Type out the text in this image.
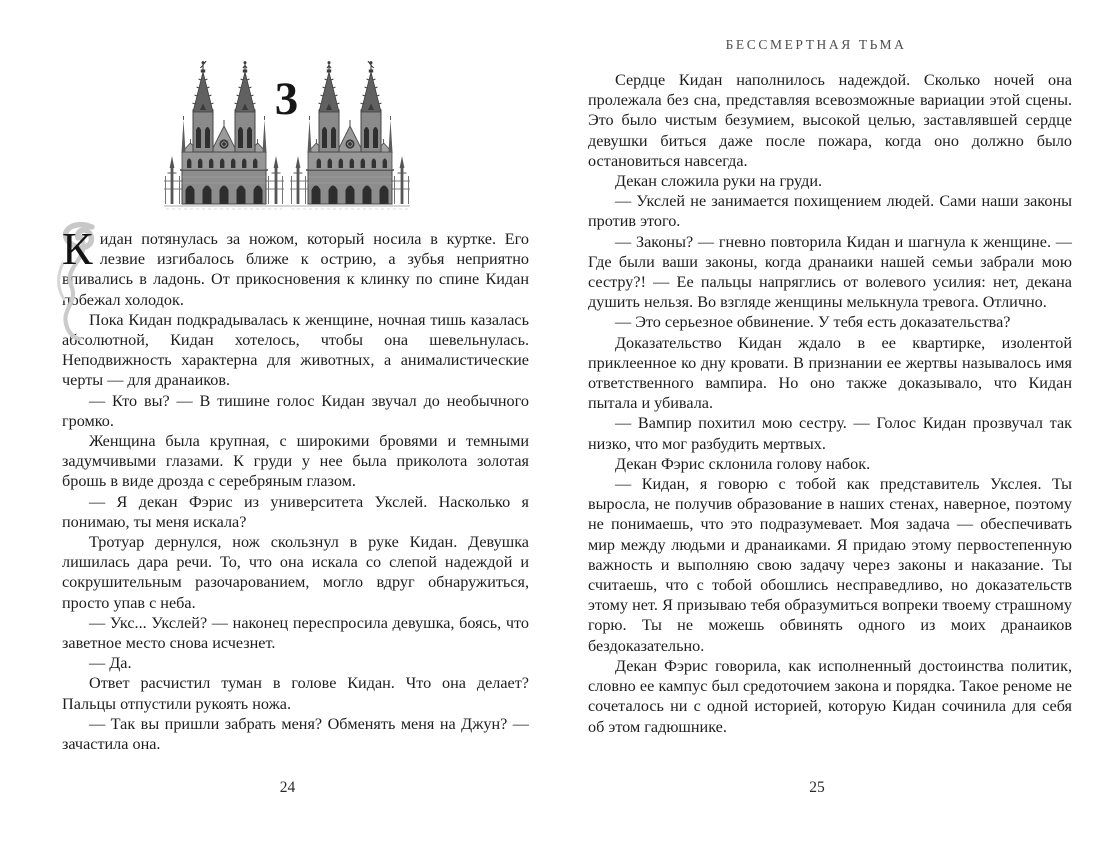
3

Кидан потянулась за ножом, который носила в куртке. Его лезвие изгибалось ближе к острию, а зубья неприятно впивались в ладонь. От прикосновения к клинку по спине Кидан побежал холодок.

Пока Кидан подкрадывалась к женщине, ночная тишь казалась абсолютной, Кидан хотелось, чтобы она шевельнулась. Неподвижность характерна для животных, а анималистические черты — для дранаиков.

— Кто вы? — В тишине голос Кидан звучал до необычного громко.

Женщина была крупная, с широкими бровями и темными задумчивыми глазами. К груди у нее была приколота золотая брошь в виде дрозда с серебряным глазом.

— Я декан Фэрис из университета Укслей. Насколько я понимаю, ты меня искала?

Тротуар дернулся, нож скользнул в руке Кидан. Девушка лишилась дара речи. То, что она искала со слепой надеждой и сокрушительным разочарованием, могло вдруг обнаружиться, просто упав с неба.

— Укс... Укслей? — наконец переспросила девушка, боясь, что заветное место снова исчезнет.

— Да.

Ответ расчистил туман в голове Кидан. Что она делает? Пальцы отпустили рукоять ножа.

— Так вы пришли забрать меня? Обменять меня на Джун? — зачастила она.

24
БЕССМЕРТНАЯ ТЬМА

Сердце Кидан наполнилось надеждой. Сколько ночей она пролежала без сна, представляя всевозможные вариации этой сцены. Это было чистым безумием, высокой целью, заставлявшей сердце девушки биться даже после пожара, когда оно должно было остановиться навсегда.

Декан сложила руки на груди.

— Укслей не занимается похищением людей. Сами наши законы против этого.

— Законы? — гневно повторила Кидан и шагнула к женщине. — Где были ваши законы, когда дранаики нашей семьи забрали мою сестру?! — Ее пальцы напряглись от волевого усилия: нет, декана душить нельзя. Во взгляде женщины мелькнула тревога. Отлично.

— Это серьезное обвинение. У тебя есть доказательства?

Доказательство Кидан ждало в ее квартирке, изолентой приклеенное ко дну кровати. В признании ее жертвы называлось имя ответственного вампира. Но оно также доказывало, что Кидан пытала и убивала.

— Вампир похитил мою сестру. — Голос Кидан прозвучал так низко, что мог разбудить мертвых.

Декан Фэрис склонила голову набок.

— Кидан, я говорю с тобой как представитель Укслея. Ты выросла, не получив образование в наших стенах, наверное, поэтому не понимаешь, что это подразумевает. Моя задача — обеспечивать мир между людьми и дранаиками. Я придаю этому первостепенную важность и выполняю свою задачу через законы и наказание. Ты считаешь, что с тобой обошлись несправедливо, но доказательств этому нет. Я призываю тебя образумиться вопреки твоему страшному горю. Ты не можешь обвинять одного из моих дранаиков бездоказательно.

Декан Фэрис говорила, как исполненный достоинства политик, словно ее кампус был средоточием закона и порядка. Такое реноме не сочеталось ни с одной историей, которую Кидан сочинила для себя об этом гадюшнике.

25
